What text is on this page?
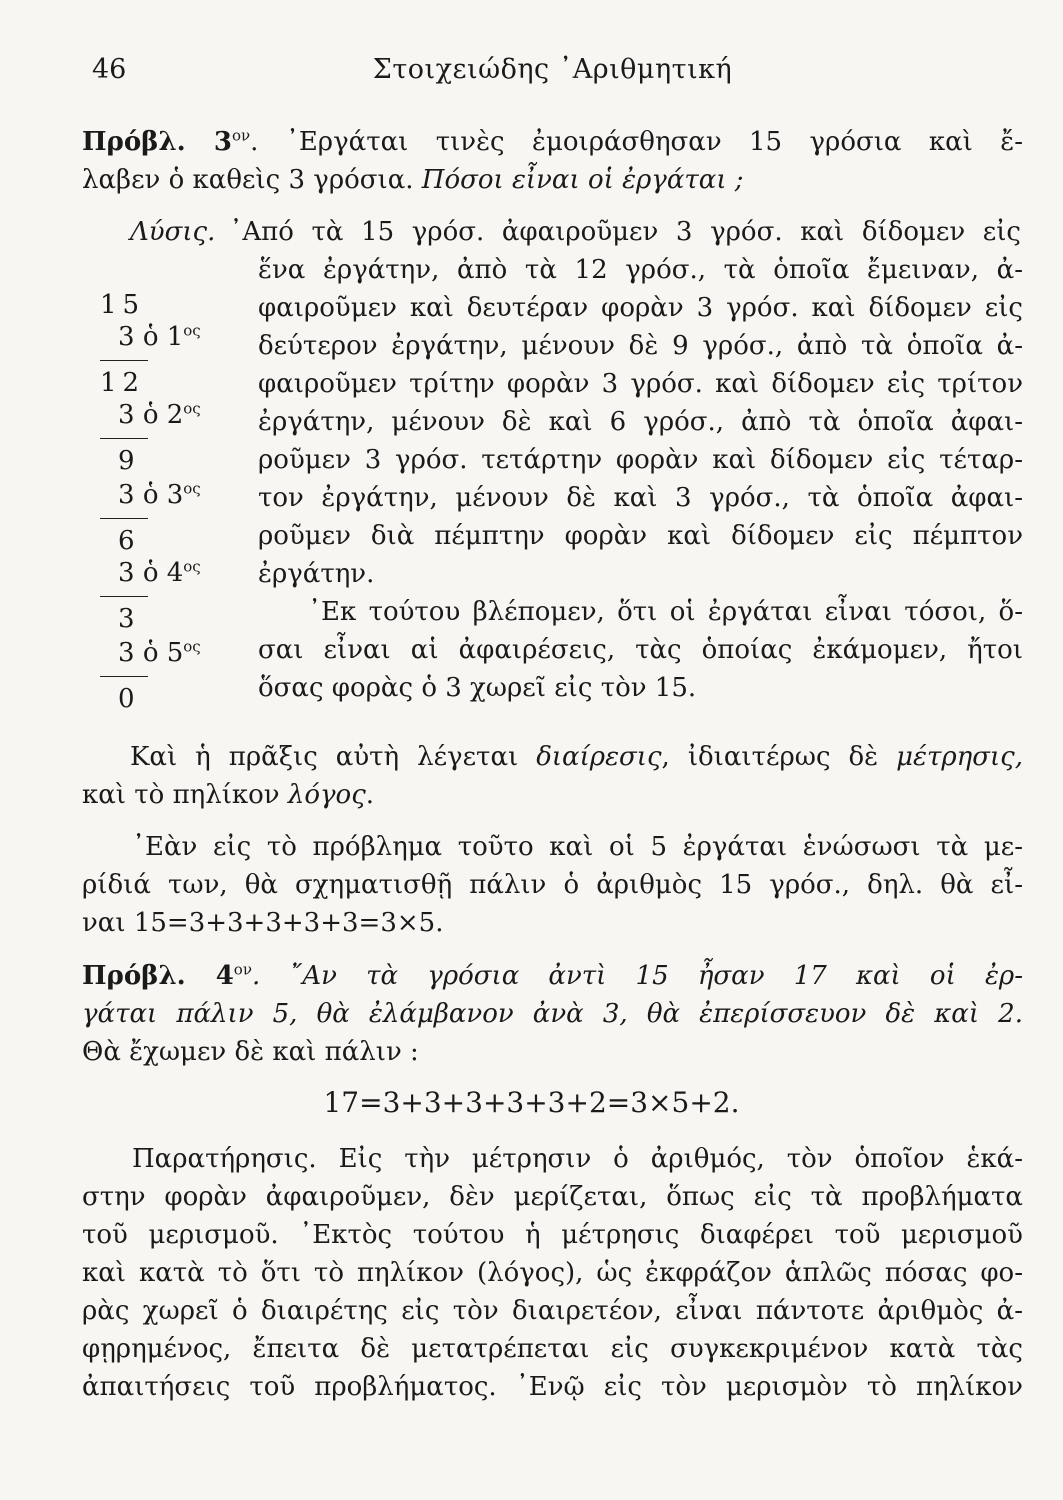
46	Στοιχειώδης ᾿Αριθμητική
Πρόβλ. $3^{o\nu}$. ᾿Εργάται τινὲς ἐμοιράσθησαν 15 γρόσια καὶ ἔ-
λαβεν ὁ καθεὶς 3 γρόσια. Πόσοι εἶναι οἱ ἐργάται ;
Λύσις. ᾿Από τὰ 15 γρόσ. ἀφαιροῦμεν 3 γρόσ. καὶ δίδομεν εἰς
ἕνα ἐργάτην, ἀπὸ τὰ 12 γρόσ., τὰ ὁποῖα ἔμειναν, ἀ-
φαιροῦμεν καὶ δευτέραν φορὰν 3 γρόσ. καὶ δίδομεν εἰς
δεύτερον ἐργάτην, μένουν δὲ 9 γρόσ., ἀπὸ τὰ ὁποῖα ἀ-
φαιροῦμεν τρίτην φορὰν 3 γρόσ. καὶ δίδομεν εἰς τρίτον
ἐργάτην, μένουν δὲ καὶ 6 γρόσ., ἀπὸ τὰ ὁποῖα ἀφαι-
ροῦμεν 3 γρόσ. τετάρτην φορὰν καὶ δίδομεν εἰς τέταρ-
τον ἐργάτην, μένουν δὲ καὶ 3 γρόσ., τὰ ὁποῖα ἀφαι-
ροῦμεν διὰ πέμπτην φορὰν καὶ δίδομεν εἰς πέμπτον
ἐργάτην.
᾿Εκ τούτου βλέπομεν, ὅτι οἱ ἐργάται εἶναι τόσοι, ὅ-
σαι εἶναι αἱ ἀφαιρέσεις, τὰς ὁποίας ἐκάμομεν, ἤτοι
ὅσας φορὰς ὁ 3 χωρεῖ εἰς τὸν 15.
15
3 ὁ $1^{o\varsigma}$
12
3 ὁ $2^{o\varsigma}$
9
3 ὁ $3^{o\varsigma}$
6
3 ὁ $4^{o\varsigma}$
3
3 ὁ $5^{o\varsigma}$
0
Καὶ ἡ πρᾶξις αὐτὴ λέγεται διαίρεσις, ἰδιαιτέρως δὲ μέτρησις,
καὶ τὸ πηλίκον λόγος.
᾿Εὰν εἰς τὸ πρόβλημα τοῦτο καὶ οἱ 5 ἐργάται ἑνώσωσι τὰ με-
ρίδιά των, θὰ σχηματισθῇ πάλιν ὁ ἀριθμὸς 15 γρόσ., δηλ. θὰ εἶ-
ναι 15=3+3+3+3+3=3×5.
Πρόβλ. $4^{o\nu}$. ῎Αν τὰ γρόσια ἀντὶ 15 ἦσαν 17 καὶ οἱ ἐρ-
γάται πάλιν 5, θὰ ἐλάμβανον ἀνὰ 3, θὰ ἐπερίσσευον δὲ καὶ 2.
Θὰ ἔχωμεν δὲ καὶ πάλιν :
17=3+3+3+3+3+2=3×5+2.
Παρατήρησις. Εἰς τὴν μέτρησιν ὁ ἀριθμός, τὸν ὁποῖον ἑκά-
στην φορὰν ἀφαιροῦμεν, δὲν μερίζεται, ὅπως εἰς τὰ προβλήματα
τοῦ μερισμοῦ. ᾿Εκτὸς τούτου ἡ μέτρησις διαφέρει τοῦ μερισμοῦ
καὶ κατὰ τὸ ὅτι τὸ πηλίκον (λόγος), ὡς ἐκφράζον ἁπλῶς πόσας φο-
ρὰς χωρεῖ ὁ διαιρέτης εἰς τὸν διαιρετέον, εἶναι πάντοτε ἀριθμὸς ἀ-
φῃρημένος, ἔπειτα δὲ μετατρέπεται εἰς συγκεκριμένον κατὰ τὰς
ἀπαιτήσεις τοῦ προβλήματος. ᾿Ενῷ εἰς τὸν μερισμὸν τὸ πηλίκον
